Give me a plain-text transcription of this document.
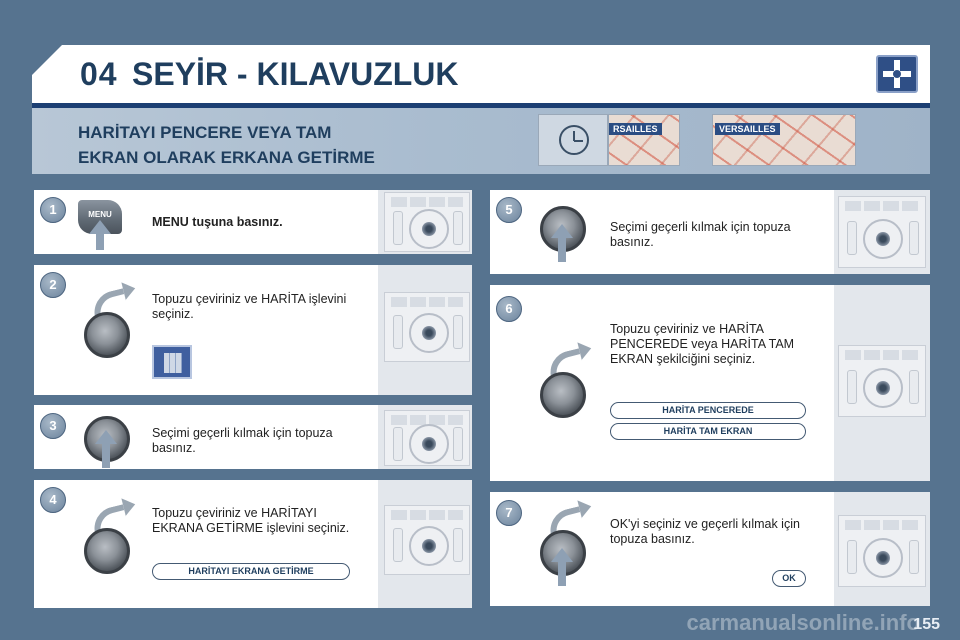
04 SEYİR - KILAVUZLUK
HARİTAYI PENCERE VEYA TAM
EKRAN OLARAK ERKANA GETİRME
RSAILLES	VERSAILLES
1	MENU
MENU tuşuna basınız.
2
Topuzu çeviriniz ve HARİTA işlevini seçiniz.
3	Seçimi geçerli kılmak için topuza basınız.
4
Topuzu çeviriniz ve HARİTAYI EKRANA GETİRME işlevini seçiniz.
HARİTAYI EKRANA GETİRME
5
Seçimi geçerli kılmak için topuza basınız.
6
Topuzu çeviriniz ve HARİTA PENCEREDE veya HARİTA TAM EKRAN şekilciğini seçiniz.
HARİTA PENCEREDE
HARİTA TAM EKRAN
7
OK'yi seçiniz ve geçerli kılmak için topuza basınız.
OK
carmanualsonline.info
155
